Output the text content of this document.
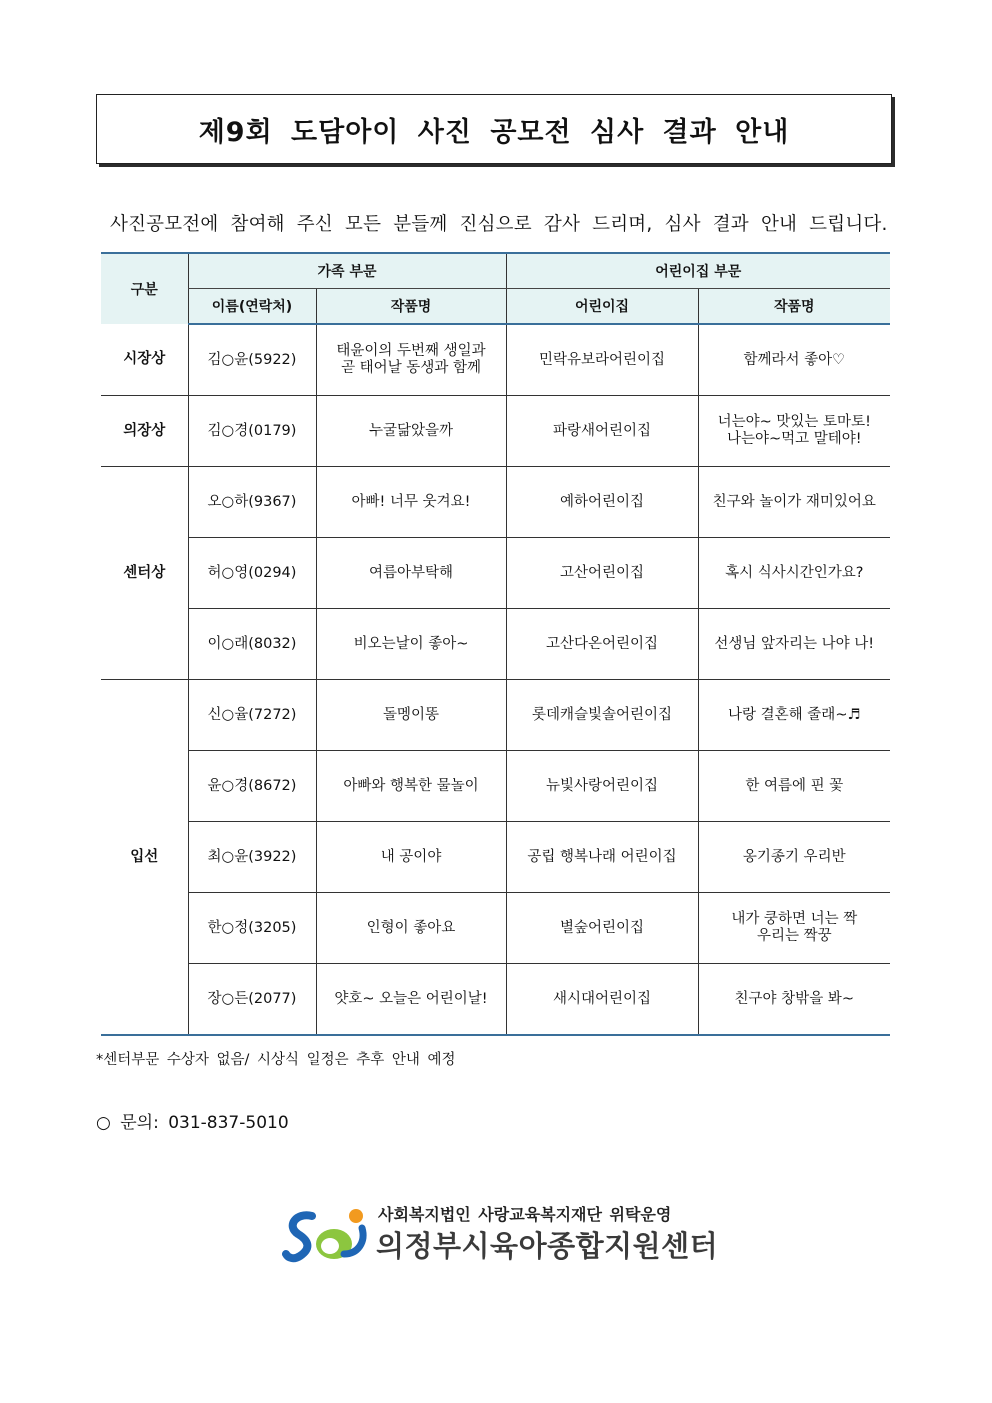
제9회 도담아이 사진 공모전 심사 결과 안내
사진공모전에 참여해 주신 모든 분들께 진심으로 감사 드리며, 심사 결과 안내 드립니다.
구분	가족 부문		어린이집 부문	
	이름(연락처)	작품명	어린이집	작품명
시장상	김○윤(5922)	태윤이의 두번째 생일과
곧 태어날 동생과 함께	민락유보라어린이집	함께라서 좋아♡
의장상	김○경(0179)	누굴닮았을까	파랑새어린이집	너는야~ 맛있는 토마토!
나는야~먹고 말테야!
센터상	오○하(9367)	아빠! 너무 웃겨요!	예하어린이집	친구와 놀이가 재미있어요
	허○영(0294)	여름아부탁해	고산어린이집	혹시 식사시간인가요?
	이○래(8032)	비오는날이 좋아~	고산다온어린이집	선생님 앞자리는 나야 나!
입선	신○율(7272)	돌멩이똥	롯데캐슬빛솔어린이집	나랑 결혼해 줄래~♬
	윤○경(8672)	아빠와 행복한 물놀이	뉴빛사랑어린이집	한 여름에 핀 꽃
	최○윤(3922)	내 공이야	공립 행복나래 어린이집	옹기종기 우리반
	한○정(3205)	인형이 좋아요	별숲어린이집	내가 쿵하면 너는 짝
우리는 짝꿍
	장○든(2077)	얏호~ 오늘은 어린이날!	새시대어린이집	친구야 창밖을 봐~
*센터부문 수상자 없음/ 시상식 일정은 추후 안내 예정
○ 문의: 031-837-5010
사회복지법인 사랑교육복지재단 위탁운영
의정부시육아종합지원센터
